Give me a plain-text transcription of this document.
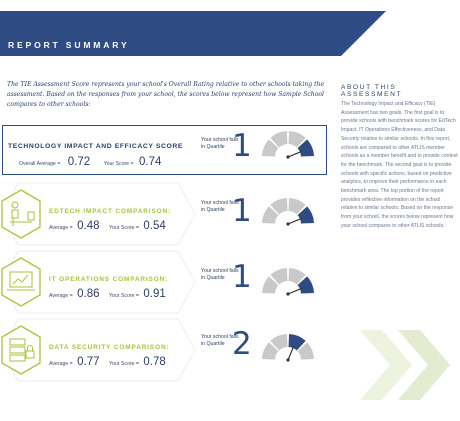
REPORT SUMMARY
The TIE Assessment Score represents your school's Overall Rating relative to other schools taking the assessment. Based on the responses from your school, the scores below represent how Sample School compares to other schools:
ABOUT THIS ASSESSMENT
The Technology Impact and Efficacy (TIE) Assessment has two goals. The first goal is to provide schools with benchmark scores for EdTech Impact, IT Operations Effectiveness, and Data Security relative to similar schools. In this report, schools are compared to other ATLIS member schools as a member benefit and to provide context for the benchmark. The second goal is to provide schools with specific actions, based on predictive analytics, to improve their performance in each benchmark area. The top portion of the report provides reflective information on the school relative to similar schools. Based on the response from your school, the scores below represent how your school compares to other ATLIS schools.
TECHNOLOGY IMPACT AND EFFICACY SCORE
Overall Average = 0.72	Your Score = 0.74
Your school falls in Quartile 1
EDTECH IMPACT COMPARISON:
Average = 0.48 Your Score = 0.54
Your school falls in Quartile 1
IT OPERATIONS COMPARISON:
Average = 0.86 Your Score = 0.91
Your school falls in Quartile 1
DATA SECURITY COMPARISON:
Average = 0.77 Your Score = 0.78
Your school falls in Quartile 2
